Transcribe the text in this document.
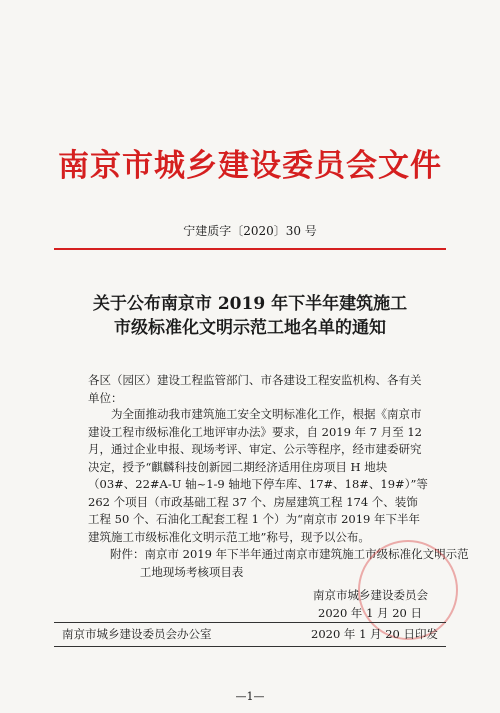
南京市城乡建设委员会文件
宁建质字〔2020〕30 号
关于公布南京市 2019 年下半年建筑施工
市级标准化文明示范工地名单的通知
各区（园区）建设工程监管部门、市各建设工程安监机构、各有关单位：
为全面推动我市建筑施工安全文明标准化工作，根据《南京市建设工程市级标准化工地评审办法》要求，自 2019 年 7 月至 12 月，通过企业申报、现场考评、审定、公示等程序，经市建委研究决定，授予“麒麟科技创新园二期经济适用住房项目 H 地块（03#、22#A-U 轴~1-9 轴地下停车库、17#、18#、19#）”等 262 个项目（市政基础工程 37 个、房屋建筑工程 174 个、装饰工程 50 个、石油化工配套工程 1 个）为“南京市 2019 年下半年建筑施工市级标准化文明示范工地”称号，现予以公布。
附件：南京市 2019 年下半年通过南京市建筑施工市级标准化文明示范工地现场考核项目表
南京市城乡建设委员会
2020 年 1 月 20 日
南京市城乡建设委员会办公室	2020 年 1 月 20 日印发
—1—
